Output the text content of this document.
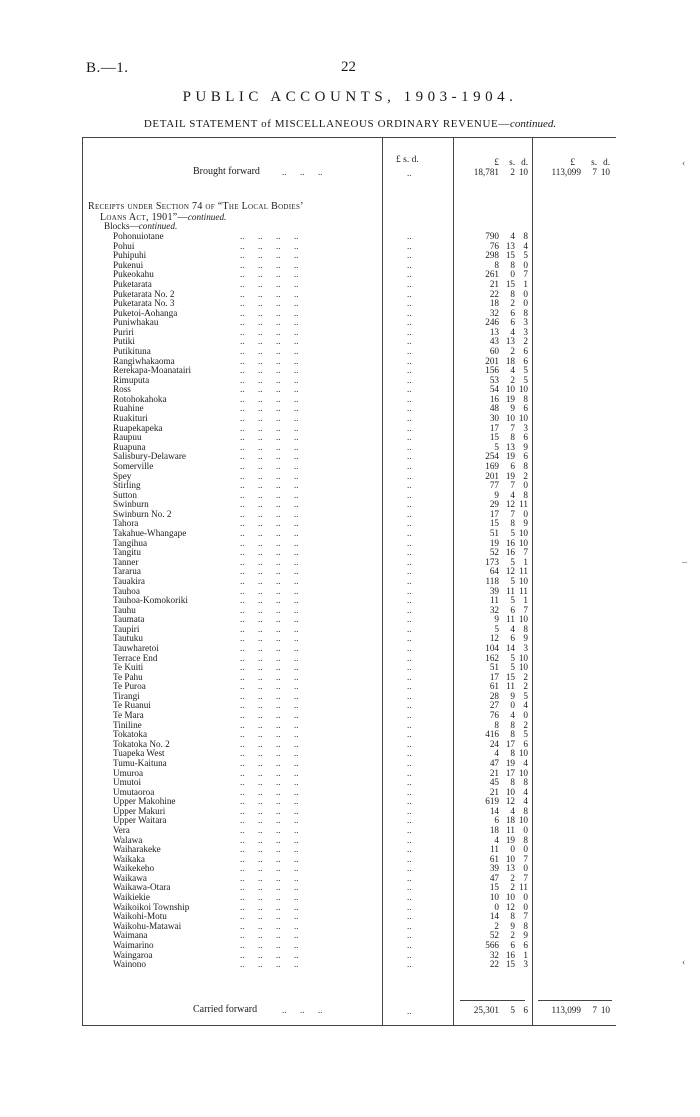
B.—1.	22
PUBLIC ACCOUNTS, 1903-1904.
DETAIL STATEMENT of MISCELLANEOUS ORDINARY REVENUE—continued.
£ s. d.	£ s. d.	£ s. d.
Brought forward ..      ..      ..	..	18,781 2 10	113,099 7 10
Receipts under Section 74 of “The Local Bodies’
Loans Act, 1901”—continued.
Blocks—continued.
Pohonuiotane	..      ..      ..      ..	..	790 4 8
Pohui	..      ..      ..      ..	..	76 13 4
Puhipuhi	..      ..      ..      ..	..	298 15 5
Pukenui	..      ..      ..      ..	..	8 8 0
Pukeokahu	..      ..      ..      ..	..	261 0 7
Puketarata	..      ..      ..      ..	..	21 15 1
Puketarata No. 2	..      ..      ..      ..	..	22 8 0
Puketarata No. 3	..      ..      ..      ..	..	18 2 0
Puketoi-Aohanga	..      ..      ..      ..	..	32 6 8
Puniwhakau	..      ..      ..      ..	..	246 6 3
Puriri	..      ..      ..      ..	..	13 4 3
Putiki	..      ..      ..      ..	..	43 13 2
Putikituna	..      ..      ..      ..	..	60 2 6
Rangiwhakaoma	..      ..      ..      ..	..	201 18 6
Rerekapa-Moanatairi	..      ..      ..      ..	..	156 4 5
Rimuputa	..      ..      ..      ..	..	53 2 5
Ross	..      ..      ..      ..	..	54 10 10
Rotohokahoka	..      ..      ..      ..	..	16 19 8
Ruahine	..      ..      ..      ..	..	48 9 6
Ruakituri	..      ..      ..      ..	..	30 10 10
Ruapekapeka	..      ..      ..      ..	..	17 7 3
Raupuu	..      ..      ..      ..	..	15 8 6
Ruapuna	..      ..      ..      ..	..	5 13 9
Salisbury-Delaware	..      ..      ..      ..	..	254 19 6
Somerville	..      ..      ..      ..	..	169 6 8
Spey	..      ..      ..      ..	..	201 19 2
Stirling	..      ..      ..      ..	..	77 7 0
Sutton	..      ..      ..      ..	..	9 4 8
Swinburn	..      ..      ..      ..	..	29 12 11
Swinburn No. 2	..      ..      ..      ..	..	17 7 0
Tahora	..      ..      ..      ..	..	15 8 9
Takahue-Whangape	..      ..      ..      ..	..	51 5 10
Tangihua	..      ..      ..      ..	..	19 16 10
Tangitu	..      ..      ..      ..	..	52 16 7
Tanner	..      ..      ..      ..	..	173 5 1
Tararua	..      ..      ..      ..	..	64 12 11
Tauakira	..      ..      ..      ..	..	118 5 10
Tauhoa	..      ..      ..      ..	..	39 11 11
Tauhoa-Komokoriki	..      ..      ..      ..	..	11 5 1
Tauhu	..      ..      ..      ..	..	32 6 7
Taumata	..      ..      ..      ..	..	9 11 10
Taupiri	..      ..      ..      ..	..	5 4 8
Tautuku	..      ..      ..      ..	..	12 6 9
Tauwharetoi	..      ..      ..      ..	..	104 14 3
Terrace End	..      ..      ..      ..	..	162 5 10
Te Kuiti	..      ..      ..      ..	..	51 5 10
Te Pahu	..      ..      ..      ..	..	17 15 2
Te Puroa	..      ..      ..      ..	..	61 11 2
Tirangi	..      ..      ..      ..	..	28 9 5
Te Ruanui	..      ..      ..      ..	..	27 0 4
Te Mara	..      ..      ..      ..	..	76 4 0
Tiniline	..      ..      ..      ..	..	8 8 2
Tokatoka	..      ..      ..      ..	..	416 8 5
Tokatoka No. 2	..      ..      ..      ..	..	24 17 6
Tuapeka West	..      ..      ..      ..	..	4 8 10
Tumu-Kaituna	..      ..      ..      ..	..	47 19 4
Umuroa	..      ..      ..      ..	..	21 17 10
Umutoi	..      ..      ..      ..	..	45 8 8
Umutaoroa	..      ..      ..      ..	..	21 10 4
Upper Makohine	..      ..      ..      ..	..	619 12 4
Upper Makuri	..      ..      ..      ..	..	14 4 8
Upper Waitara	..      ..      ..      ..	..	6 18 10
Vera	..      ..      ..      ..	..	18 11 0
Walawa	..      ..      ..      ..	..	4 19 8
Waiharakeke	..      ..      ..      ..	..	11 0 0
Waikaka	..      ..      ..      ..	..	61 10 7
Waikekeho	..      ..      ..      ..	..	39 13 0
Waikawa	..      ..      ..      ..	..	47 2 7
Waikawa-Otara	..      ..      ..      ..	..	15 2 11
Waikiekie	..      ..      ..      ..	..	10 10 0
Waikoikoi Township	..      ..      ..      ..	..	0 12 0
Waikohi-Motu	..      ..      ..      ..	..	14 8 7
Waikohu-Matawai	..      ..      ..      ..	..	2 9 8
Waimana	..      ..      ..      ..	..	52 2 9
Waimarino	..      ..      ..      ..	..	566 6 6
Waingaroa	..      ..      ..      ..	..	32 16 1
Wainono	..      ..      ..      ..	..	22 15 3
Carried forward	..      ..      ..	..	25,301 5 6	113,099 7 10
‹
–
‹
